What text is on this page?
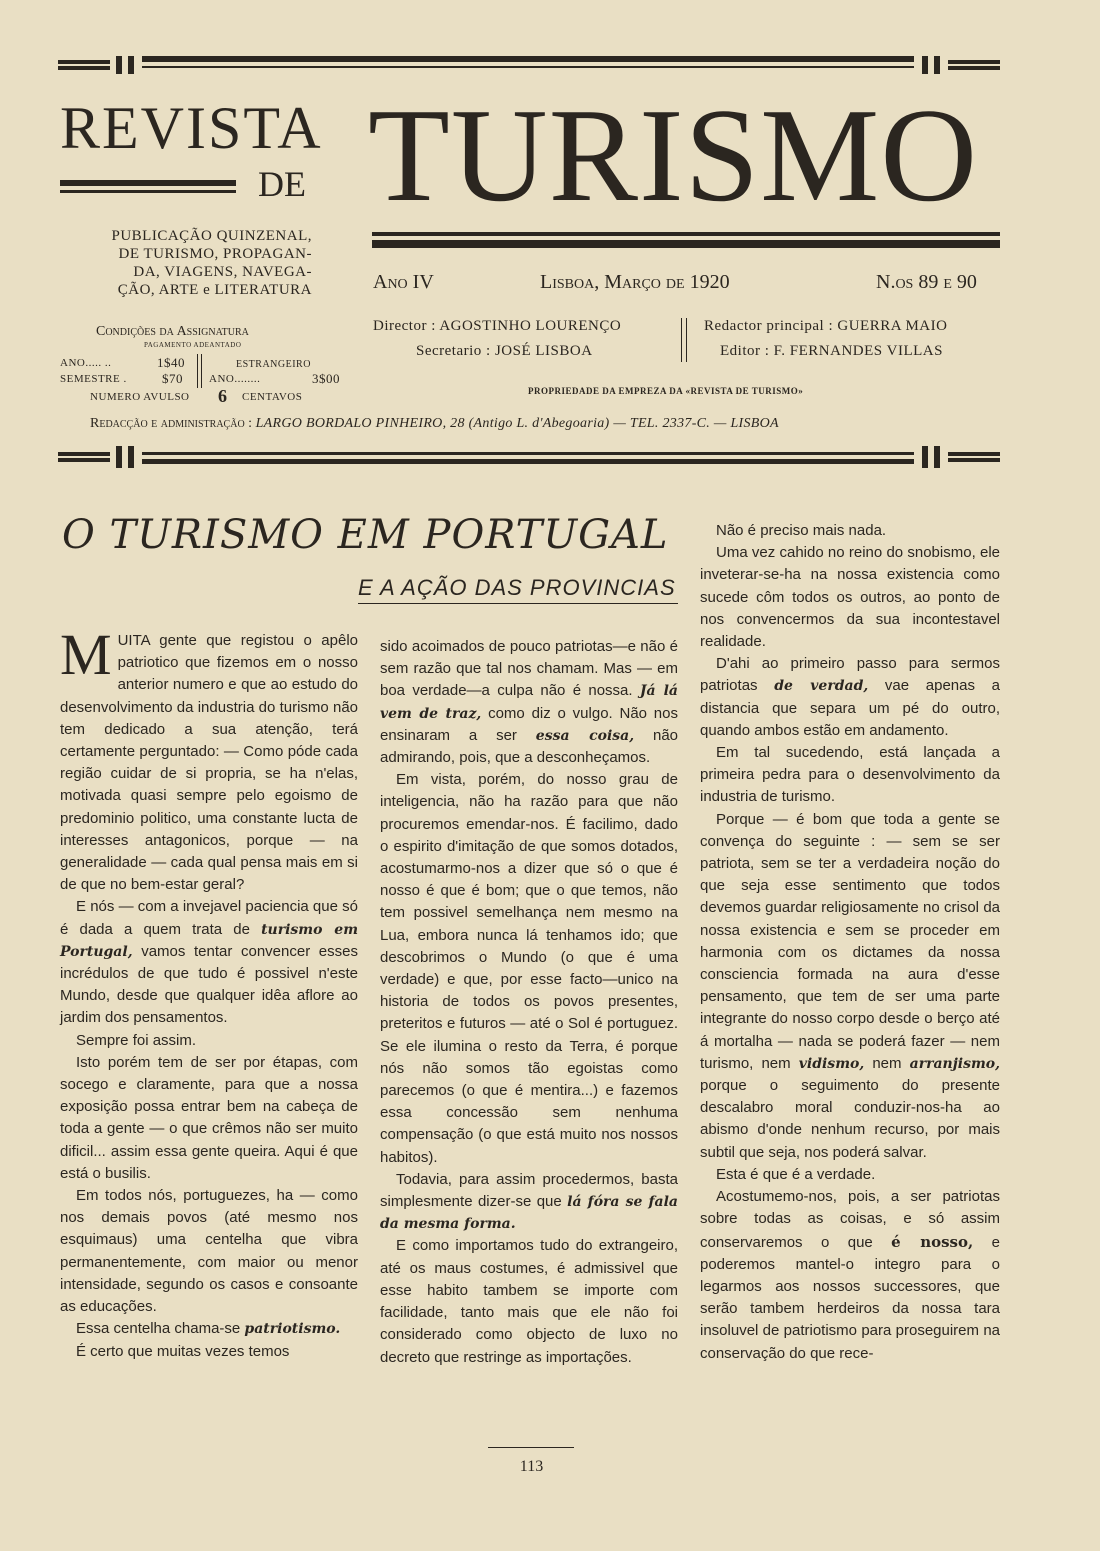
REVISTA
DE TURISMO
PUBLICAÇÃO QUINZENAL,
DE TURISMO, PROPAGAN-
DA, VIAGENS, NAVEGA-
ÇÃO, ARTE e LITERATURA	Ano IV	Lisboa, Março de 1920	N.os 89 e 90
Condições da Assignatura
PAGAMENTO ADEANTADO
ANO..... ..	1$40
SEMESTRE .	$70
ESTRANGEIRO
ANO........	3$00
NUMERO AVULSO 6 CENTAVOS
Director : AGOSTINHO LOURENÇO
Secretario : JOSÉ LISBOA
Redactor principal : GUERRA MAIO
Editor : F. FERNANDES VILLAS
PROPRIEDADE DA EMPREZA DA «REVISTA DE TURISMO»
Redacção e administração : LARGO BORDALO PINHEIRO, 28 (Antigo L. d'Abegoaria) — TEL. 2337-C. — LISBOA
O TURISMO EM PORTUGAL
E A AÇÃO DAS PROVINCIAS

MUITA gente que registou o apêlo patriotico que fizemos em o nosso anterior numero e que ao estudo do desenvolvimento da industria do turismo não tem dedicado a sua atenção, terá certamente perguntado: — Como póde cada região cuidar de si propria, se ha n'elas, motivada quasi sempre pelo egoismo de predominio politico, uma constante lucta de interesses antagonicos, porque — na generalidade — cada qual pensa mais em si de que no bem-estar geral?

E nós — com a invejavel paciencia que só é dada a quem trata de turismo em Portugal, vamos tentar convencer esses incrédulos de que tudo é possivel n'este Mundo, desde que qualquer idêa aflore ao jardim dos pensamentos.

Sempre foi assim.

Isto porém tem de ser por étapas, com socego e claramente, para que a nossa exposição possa entrar bem na cabeça de toda a gente — o que crêmos não ser muito dificil... assim essa gente queira. Aqui é que está o busilis.

Em todos nós, portuguezes, ha — como nos demais povos (até mesmo nos esquimaus) uma centelha que vibra permanentemente, com maior ou menor intensidade, segundo os casos e consoante as educações.

Essa centelha chama-se patriotismo.

É certo que muitas vezes temos

sido acoimados de pouco patriotas—e não é sem razão que tal nos chamam. Mas — em boa verdade—a culpa não é nossa. Já lá vem de traz, como diz o vulgo. Não nos ensinaram a ser essa coisa, não admirando, pois, que a desconheçamos.

Em vista, porém, do nosso grau de inteligencia, não ha razão para que não procuremos emendar-nos. É facilimo, dado o espirito d'imitação de que somos dotados, acostumarmo-nos a dizer que só o que é nosso é que é bom; que o que temos, não tem possivel semelhança nem mesmo na Lua, embora nunca lá tenhamos ido; que descobrimos o Mundo (o que é uma verdade) e que, por esse facto—unico na historia de todos os povos presentes, preteritos e futuros — até o Sol é portuguez. Se ele ilumina o resto da Terra, é porque nós não somos tão egoistas como parecemos (o que é mentira...) e fazemos essa concessão sem nenhuma compensação (o que está muito nos nossos habitos).

Todavia, para assim procedermos, basta simplesmente dizer-se que lá fóra se fala da mesma forma.

E como importamos tudo do extrangeiro, até os maus costumes, é admissivel que esse habito tambem se importe com facilidade, tanto mais que ele não foi considerado como objecto de luxo no decreto que restringe as importações.

Não é preciso mais nada.

Uma vez cahido no reino do snobismo, ele inveterar-se-ha na nossa existencia como sucede côm todos os outros, ao ponto de nos convencermos da sua incontestavel realidade.

D'ahi ao primeiro passo para sermos patriotas de verdad, vae apenas a distancia que separa um pé do outro, quando ambos estão em andamento.

Em tal sucedendo, está lançada a primeira pedra para o desenvolvimento da industria de turismo.

Porque — é bom que toda a gente se convença do seguinte : — sem se ser patriota, sem se ter a verdadeira noção do que seja esse sentimento que todos devemos guardar religiosamente no crisol da nossa existencia e sem se proceder em harmonia com os dictames da nossa consciencia formada na aura d'esse pensamento, que tem de ser uma parte integrante do nosso corpo desde o berço até á mortalha — nada se poderá fazer — nem turismo, nem vidismo, nem arranjismo, porque o seguimento do presente descalabro moral conduzir-nos-ha ao abismo d'onde nenhum recurso, por mais subtil que seja, nos poderá salvar.

Esta é que é a verdade.

Acostumemo-nos, pois, a ser patriotas sobre todas as coisas, e só assim conservaremos o que é nosso, e poderemos mantel-o integro para o legarmos aos nossos successores, que serão tambem herdeiros da nossa tara insoluvel de patriotismo para proseguirem na conservação do que rece-

113
